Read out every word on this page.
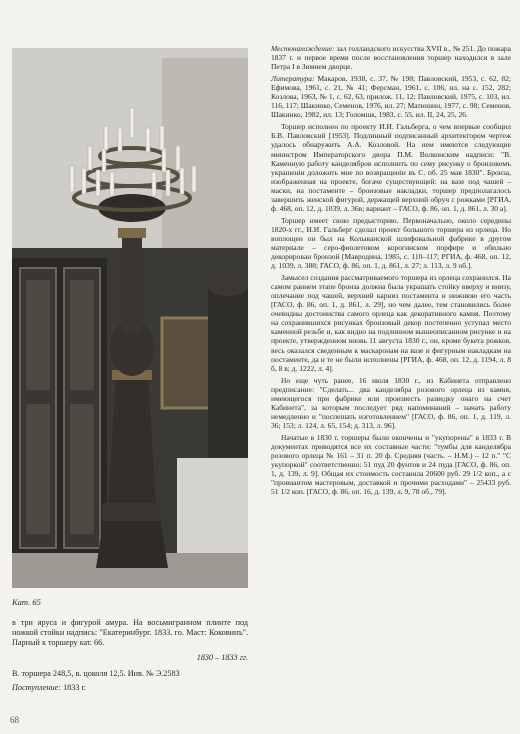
Кат. 65

в три яруса и фигурой амура. На восьмигранном плинте под ножкой стойки надпись: "Екатеринбург. 1833. го. Маст: Коковинъ". Парный к торшеру кат. 66.

1830 – 1833 гг.

В. торшера 248,5, в. цоколя 12,5. Инв. № Э.2583

Поступление: 1833 г.

Местонахождение: зал голландского искусства XVII в., № 251. До пожара 1837 г. и первое время после восстановления торшер находился в зале Петра I в Зимнем дворце.

Литература: Макаров, 1938, с. 37, № 198; Павловский, 1953, с. 62, 82; Ефимова, 1961, с. 21, № 41; Ферсман, 1961, с. 106, ил. на с. 152, 282; Козлова, 1963, № 1, с. 62, 63, прилож. 11, 12; Павловский, 1975, с. 103, ил. 116, 117; Шакиико, Семенов, 1976, ил. 27; Матюшин, 1977, с. 98; Семенов, Шакинко, 1982, ил. 13; Голомшк, 1983, с. 55, ил. II, 24, 25, 26.

Торшер исполнен по проекту И.И. Гальберга, о чем впервые сообщил Б.В. Павловский [1953]. Подлинный подписанный архитектором чертеж удалось обнаружить А.А. Козловой. На нем имеются следующие министром Императорского двора П.М. Волконским надписи: "В. Каменную работу канделябров исполнить по сему рисунку о бронзовомъ украшеніи доложить мне по возвращеніи въ С. пб. 25 мая 1830". Бронза, изображенная на проекте, богаче существующей: на вазе под чашей – маски, на постаменте – бронзовые накладки, торшер предполагалось завершить женской фигурой, держащей верхний обруч с рожками [РГИА, ф. 468, оп. 12, д. 1039, л. 36в; вариант – ГАСО, ф. 86, оп. 1, д. 861, л. 30 а].

Торшер имеет свою предысторию. Первоначально, около середины 1820-х гг., И.И. Гальберг сделал проект большого торшера из орлеца. Но воплощен он был на Колыванской шлифовальной фабрике в другом материале – серо-фиолетовом корогинском порфире и обильно декорирован бронзой [Мавродина, 1985, с. 110–117; РГИА, ф. 468, оп. 12, д. 1039, л. 388; ГАСО, ф. 86, оп. 1, д. 861, л. 27; л. 113, л. 9 об.].

Замысел создания рассматриваемого торшера из орлеца сохранился. На самом раннем этапе бронза должна была украшать стойку вверху и внизу, оплечание под чашей, верхний карниз постамента и нижнюю его часть [ГАСО, ф. 86, оп. 1, д. 861, л. 29], но чем далее, тем становились более очевидны достоинства самого орлеца как декоративного камня. Поэтому на сохранившихся рисунках бронзовый декор постепенно уступал место каменной резьбе и, как видно на подлинном вышеописанном рисунке и на проекте, утвержденном вновь 11 августа 1830 г., он, кроме букета рожков, весь оказался сведенным к маскаронам на вазе и фигурным накладкам на постаменте, да и те не были исполнены [РГИА, ф. 468, оп. 12, д. 1194, л. 8 б, 8 в; д. 1222, л. 4].

Но еще чуть ранее, 16 июля 1830 г., из Кабинета отправлено предписание: "Сделать... два канделябра розового орлеца из камня, имеющегося при фабрике или произвесть разведку онаго на счет Кабинета", за которым последует ряд напоминаний – начать работу немедленно и "поспешать изготовлением" [ГАСО, ф. 86, оп. 1, д. 119, л. 36; 153; л. 124, л. 65, 154; д. 313, л. 96].

Начатые в 1830 г. торшеры были окончены и "укупорены" в 1833 г. В документах приводятся все их составные части: "тумбы для канделябра розового орлеца № 161 – 31 п. 20 ф. Средняя (часть. – Н.М.) – 12 п." "С укупоркой" соответственно: 51 пуд 20 фунтов и 24 пуда [ГАСО, ф. 86, оп. 1, д. 139, л. 9]. Общая их стоимость составила 20600 руб. 29 1/2 коп., а с "провиантом мастеровым, доставкой и прочими расходами" – 25433 руб. 51 1/2 коп. [ГАСО, ф. 86, оп. 16, д. 139, л. 9, 78 об., 79].

68
